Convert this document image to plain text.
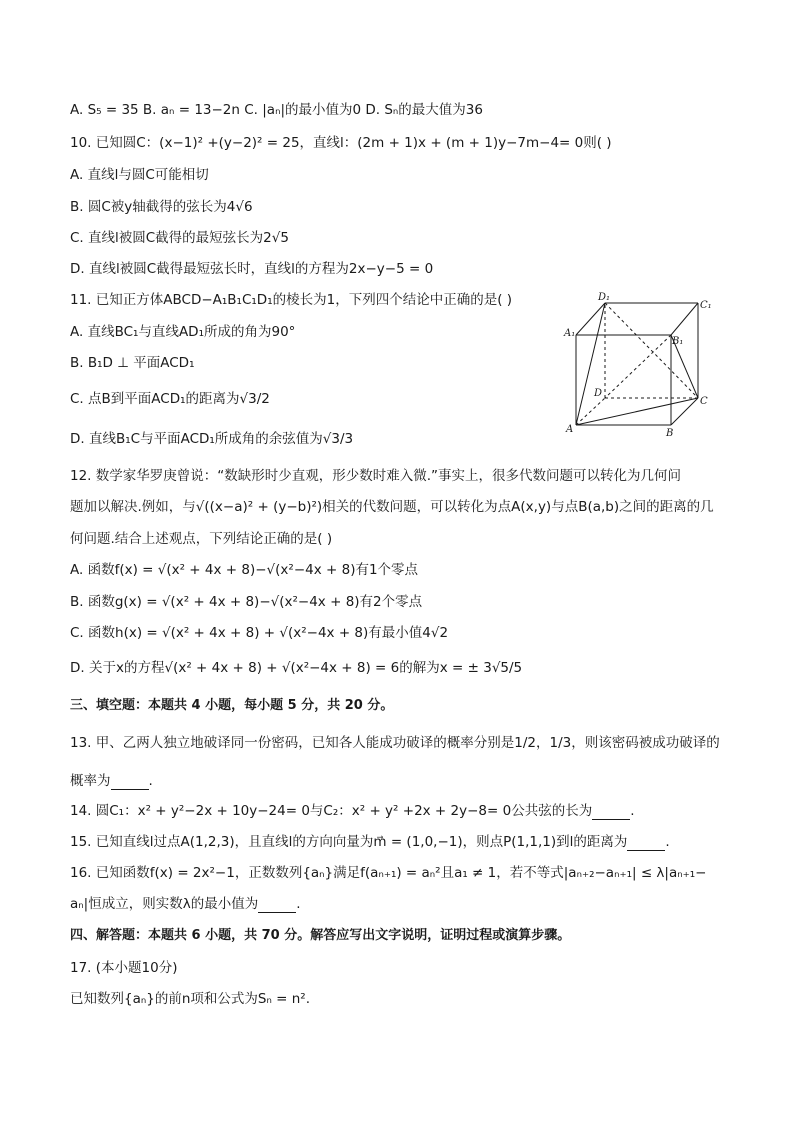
A. S₅ = 35 B. aₙ = 13−2n C. |aₙ|的最小值为0 D. Sₙ的最大值为36
10. 已知圆C：(x−1)² +(y−2)² = 25，直线l：(2m + 1)x + (m + 1)y−7m−4= 0则( )
A. 直线l与圆C可能相切
B. 圆C被y轴截得的弦长为4√6
C. 直线l被圆C截得的最短弦长为2√5
D. 直线l被圆C截得最短弦长时，直线l的方程为2x−y−5 = 0
11. 已知正方体ABCD−A₁B₁C₁D₁的棱长为1，下列四个结论中正确的是( )
A. 直线BC₁与直线AD₁所成的角为90°
B. B₁D ⊥ 平面ACD₁
C. 点B到平面ACD₁的距离为√3/2
D. 直线B₁C与平面ACD₁所成角的余弦值为√3/3
12. 数学家华罗庚曾说：“数缺形时少直观，形少数时难入微.”事实上，很多代数问题可以转化为几何问
题加以解决.例如，与√((x−a)² + (y−b)²)相关的代数问题，可以转化为点A(x,y)与点B(a,b)之间的距离的几
何问题.结合上述观点，下列结论正确的是( )
A. 函数f(x) = √(x² + 4x + 8)−√(x²−4x + 8)有1个零点
B. 函数g(x) = √(x² + 4x + 8)−√(x²−4x + 8)有2个零点
C. 函数h(x) = √(x² + 4x + 8) + √(x²−4x + 8)有最小值4√2
D. 关于x的方程√(x² + 4x + 8) + √(x²−4x + 8) = 6的解为x = ± 3√5/5
三、填空题：本题共 4 小题，每小题 5 分，共 20 分。
13. 甲、乙两人独立地破译同一份密码，已知各人能成功破译的概率分别是1/2，1/3，则该密码被成功破译的
概率为	.
14. 圆C₁：x² + y²−2x + 10y−24= 0与C₂：x² + y² +2x + 2y−8= 0公共弦的长为	.
15. 已知直线l过点A(1,2,3)，且直线l的方向向量为m⃗ = (1,0,−1)，则点P(1,1,1)到l的距离为	.
16. 已知函数f(x) = 2x²−1，正数数列{aₙ}满足f(aₙ₊₁) = aₙ²且a₁ ≠ 1，若不等式|aₙ₊₂−aₙ₊₁| ≤ λ|aₙ₊₁−
aₙ|恒成立，则实数λ的最小值为	.
四、解答题：本题共 6 小题，共 70 分。解答应写出文字说明，证明过程或演算步骤。
17. (本小题10分)
已知数列{aₙ}的前n项和公式为Sₙ = n².
D₁
C₁
A₁
B₁
D
C
A	B
